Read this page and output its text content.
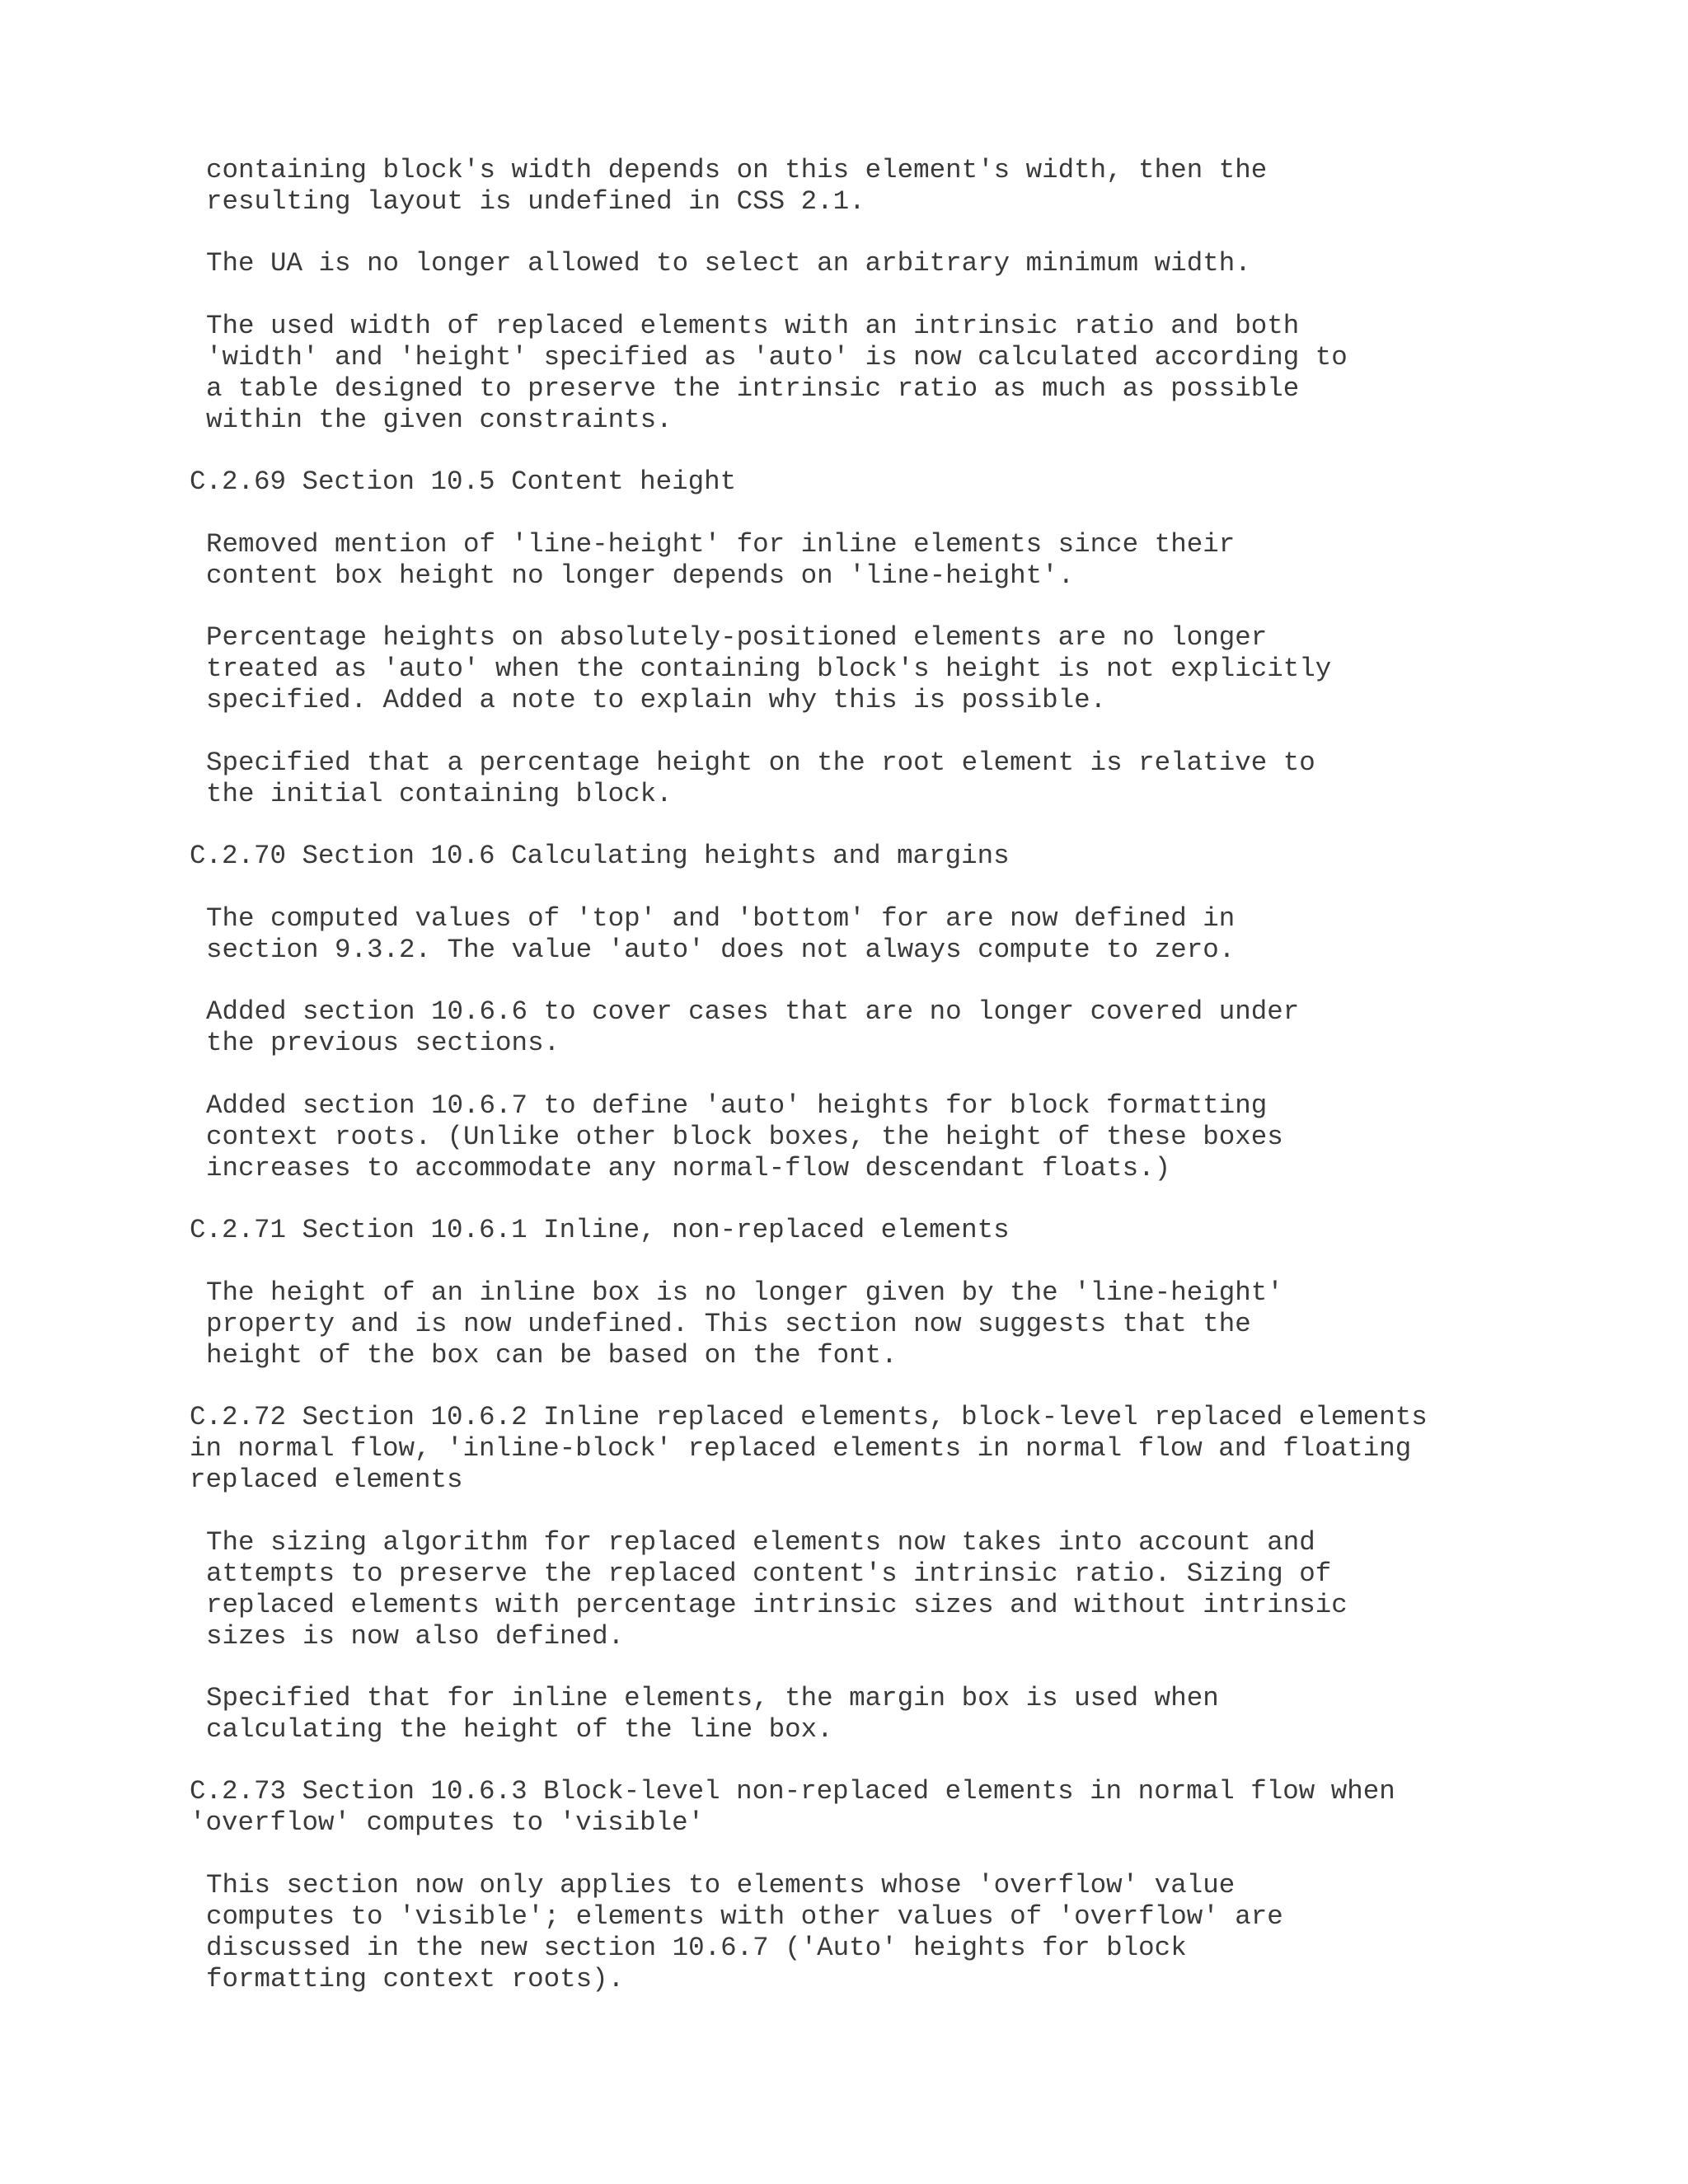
containing block's width depends on this element's width, then the
resulting layout is undefined in CSS 2.1.
The UA is no longer allowed to select an arbitrary minimum width.
The used width of replaced elements with an intrinsic ratio and both
'width' and 'height' specified as 'auto' is now calculated according to
a table designed to preserve the intrinsic ratio as much as possible
within the given constraints.
C.2.69 Section 10.5 Content height
Removed mention of 'line-height' for inline elements since their
content box height no longer depends on 'line-height'.
Percentage heights on absolutely-positioned elements are no longer
treated as 'auto' when the containing block's height is not explicitly
specified. Added a note to explain why this is possible.
Specified that a percentage height on the root element is relative to
the initial containing block.
C.2.70 Section 10.6 Calculating heights and margins
The computed values of 'top' and 'bottom' for are now defined in
section 9.3.2. The value 'auto' does not always compute to zero.
Added section 10.6.6 to cover cases that are no longer covered under
the previous sections.
Added section 10.6.7 to define 'auto' heights for block formatting
context roots. (Unlike other block boxes, the height of these boxes
increases to accommodate any normal-flow descendant floats.)
C.2.71 Section 10.6.1 Inline, non-replaced elements
The height of an inline box is no longer given by the 'line-height'
property and is now undefined. This section now suggests that the
height of the box can be based on the font.
C.2.72 Section 10.6.2 Inline replaced elements, block-level replaced elements
in normal flow, 'inline-block' replaced elements in normal flow and floating
replaced elements
The sizing algorithm for replaced elements now takes into account and
attempts to preserve the replaced content's intrinsic ratio. Sizing of
replaced elements with percentage intrinsic sizes and without intrinsic
sizes is now also defined.
Specified that for inline elements, the margin box is used when
calculating the height of the line box.
C.2.73 Section 10.6.3 Block-level non-replaced elements in normal flow when
'overflow' computes to 'visible'
This section now only applies to elements whose 'overflow' value
computes to 'visible'; elements with other values of 'overflow' are
discussed in the new section 10.6.7 ('Auto' heights for block
formatting context roots).
